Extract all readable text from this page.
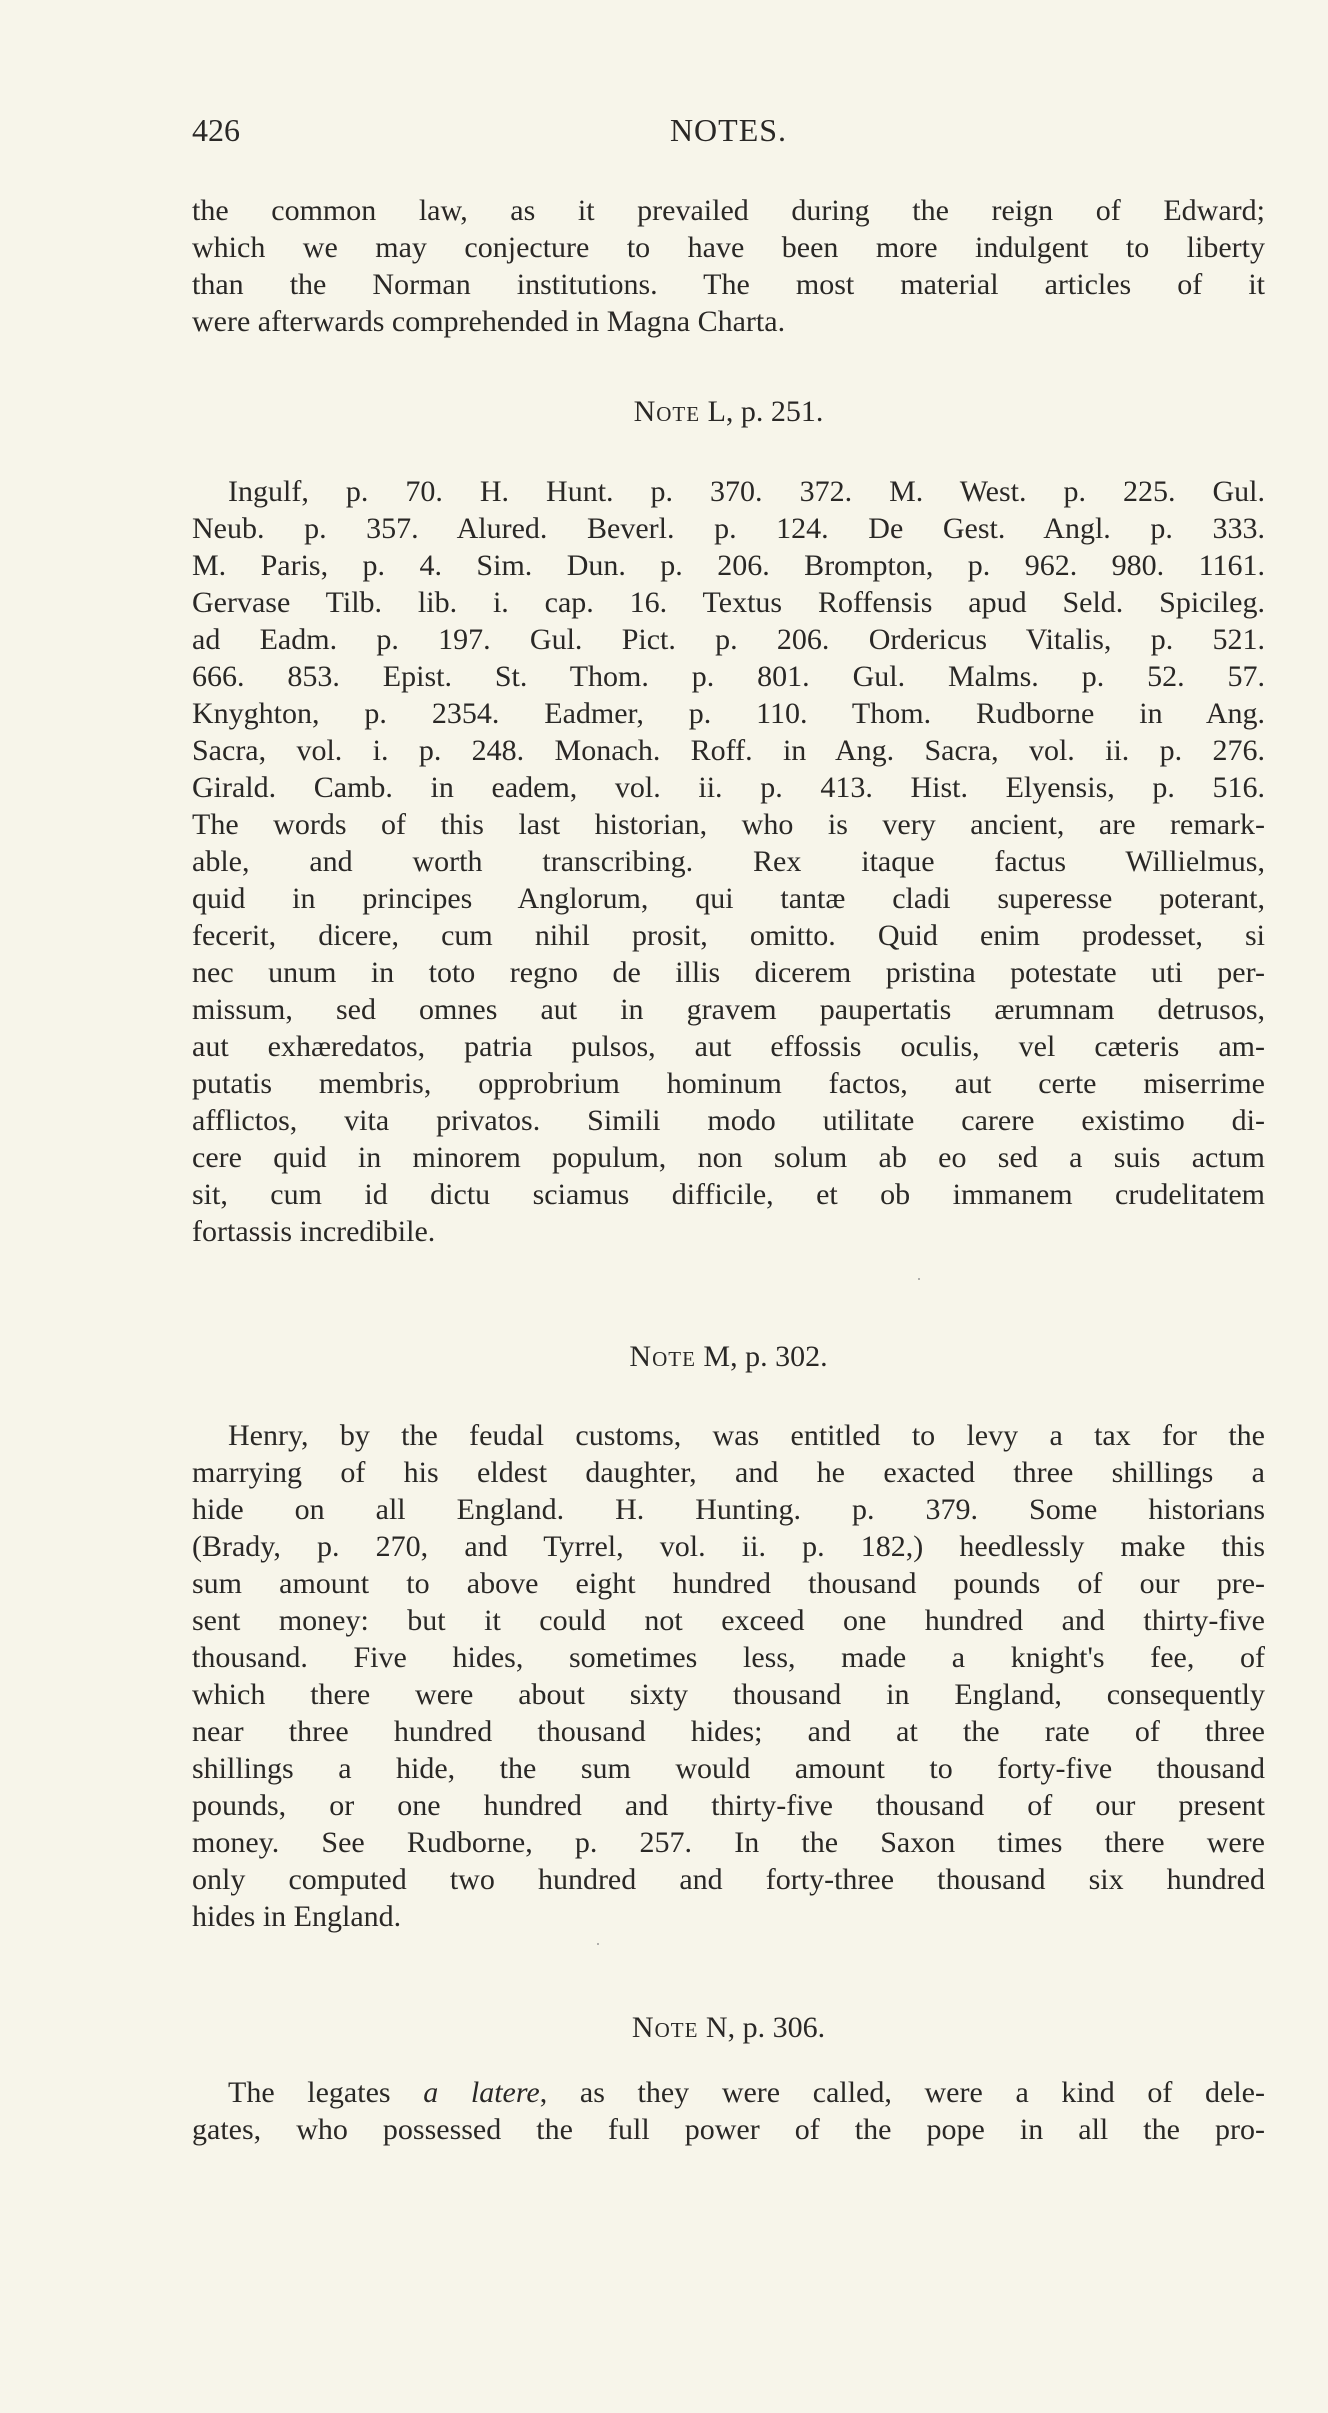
426	NOTES.
the common law, as it prevailed during the reign of Edward;
which we may conjecture to have been more indulgent to liberty
than the Norman institutions. The most material articles of it
were afterwards comprehended in Magna Charta.
Note L, p. 251.
Ingulf, p. 70. H. Hunt. p. 370. 372. M. West. p. 225. Gul.
Neub. p. 357. Alured. Beverl. p. 124. De Gest. Angl. p. 333.
M. Paris, p. 4. Sim. Dun. p. 206. Brompton, p. 962. 980. 1161.
Gervase Tilb. lib. i. cap. 16. Textus Roffensis apud Seld. Spicileg.
ad Eadm. p. 197. Gul. Pict. p. 206. Ordericus Vitalis, p. 521.
666. 853. Epist. St. Thom. p. 801. Gul. Malms. p. 52. 57.
Knyghton, p. 2354. Eadmer, p. 110. Thom. Rudborne in Ang.
Sacra, vol. i. p. 248. Monach. Roff. in Ang. Sacra, vol. ii. p. 276.
Girald. Camb. in eadem, vol. ii. p. 413. Hist. Elyensis, p. 516.
The words of this last historian, who is very ancient, are remark-
able, and worth transcribing. Rex itaque factus Willielmus,
quid in principes Anglorum, qui tantæ cladi superesse poterant,
fecerit, dicere, cum nihil prosit, omitto. Quid enim prodesset, si
nec unum in toto regno de illis dicerem pristina potestate uti per-
missum, sed omnes aut in gravem paupertatis ærumnam detrusos,
aut exhæredatos, patria pulsos, aut effossis oculis, vel cæteris am-
putatis membris, opprobrium hominum factos, aut certe miserrime
afflictos, vita privatos. Simili modo utilitate carere existimo di-
cere quid in minorem populum, non solum ab eo sed a suis actum
sit, cum id dictu sciamus difficile, et ob immanem crudelitatem
fortassis incredibile.
Note M, p. 302.
Henry, by the feudal customs, was entitled to levy a tax for the
marrying of his eldest daughter, and he exacted three shillings a
hide on all England. H. Hunting. p. 379. Some historians
(Brady, p. 270, and Tyrrel, vol. ii. p. 182,) heedlessly make this
sum amount to above eight hundred thousand pounds of our pre-
sent money: but it could not exceed one hundred and thirty-five
thousand. Five hides, sometimes less, made a knight's fee, of
which there were about sixty thousand in England, consequently
near three hundred thousand hides; and at the rate of three
shillings a hide, the sum would amount to forty-five thousand
pounds, or one hundred and thirty-five thousand of our present
money. See Rudborne, p. 257. In the Saxon times there were
only computed two hundred and forty-three thousand six hundred
hides in England.
Note N, p. 306.
The legates a latere, as they were called, were a kind of dele-
gates, who possessed the full power of the pope in all the pro-
